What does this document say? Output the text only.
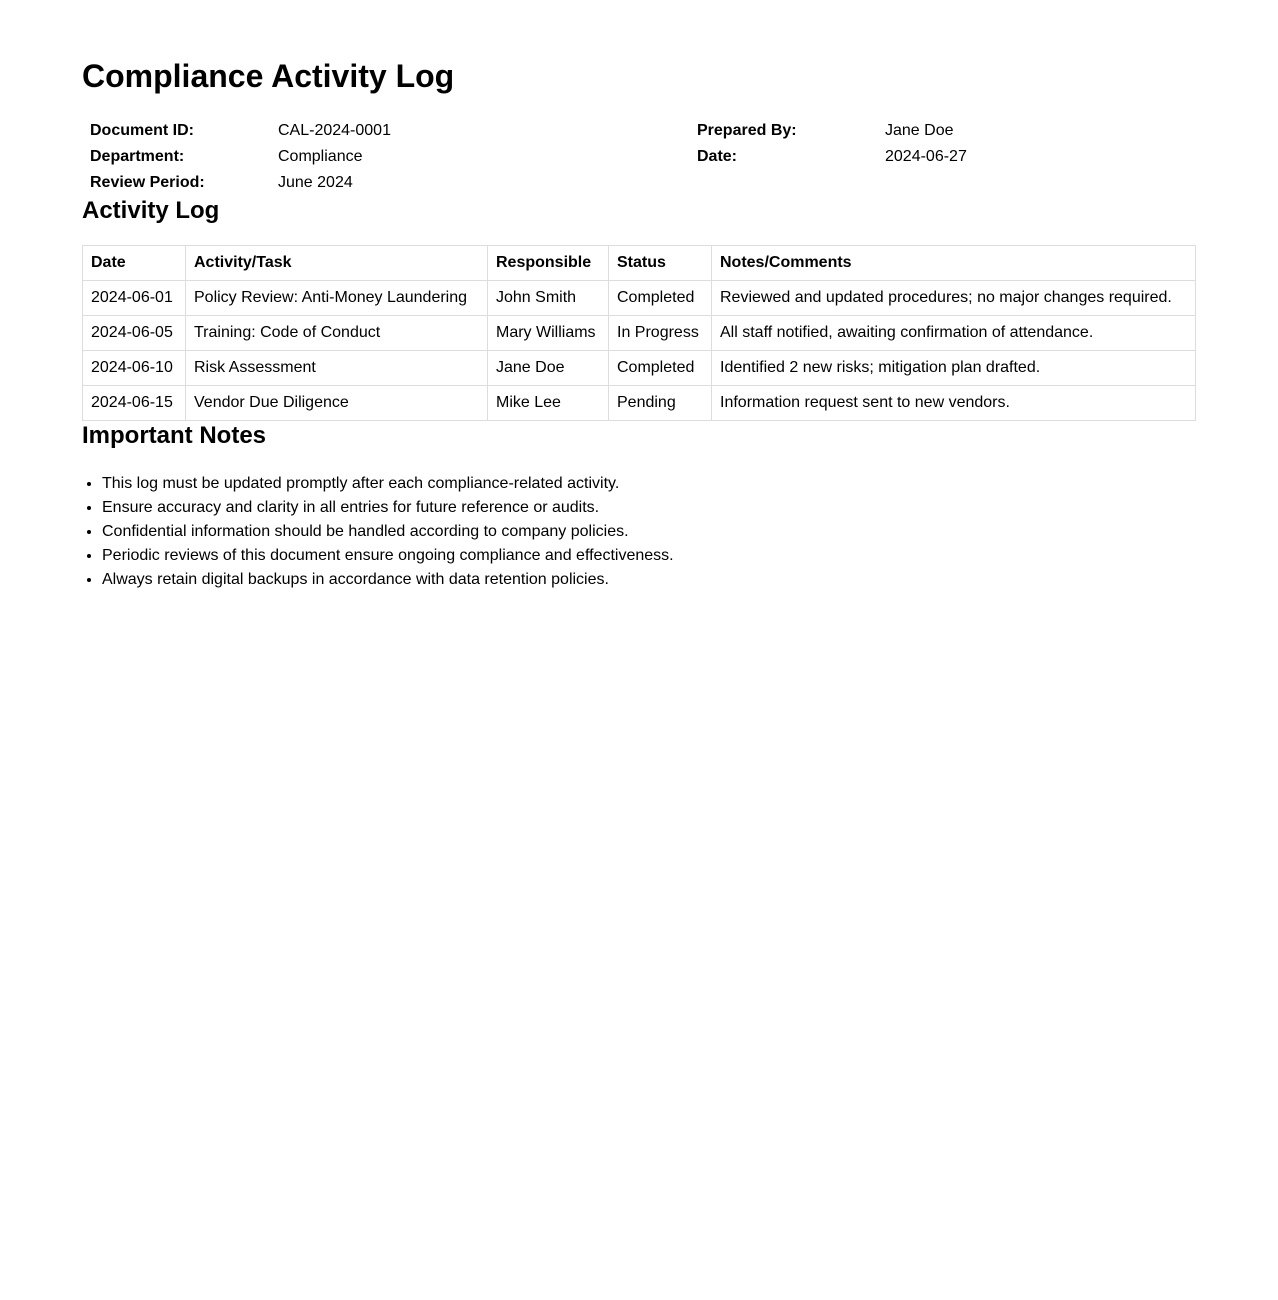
Compliance Activity Log
Document ID:	CAL-2024-0001
Department:	Compliance
Review Period:	June 2024
Prepared By:	Jane Doe
Date:	2024-06-27
Activity Log
Date	Activity/Task	Responsible	Status	Notes/Comments
2024-06-01	Policy Review: Anti-Money Laundering	John Smith	Completed	Reviewed and updated procedures; no major changes required.
2024-06-05	Training: Code of Conduct	Mary Williams	In Progress	All staff notified, awaiting confirmation of attendance.
2024-06-10	Risk Assessment	Jane Doe	Completed	Identified 2 new risks; mitigation plan drafted.
2024-06-15	Vendor Due Diligence	Mike Lee	Pending	Information request sent to new vendors.
Important Notes
• This log must be updated promptly after each compliance-related activity.
• Ensure accuracy and clarity in all entries for future reference or audits.
• Confidential information should be handled according to company policies.
• Periodic reviews of this document ensure ongoing compliance and effectiveness.
• Always retain digital backups in accordance with data retention policies.
